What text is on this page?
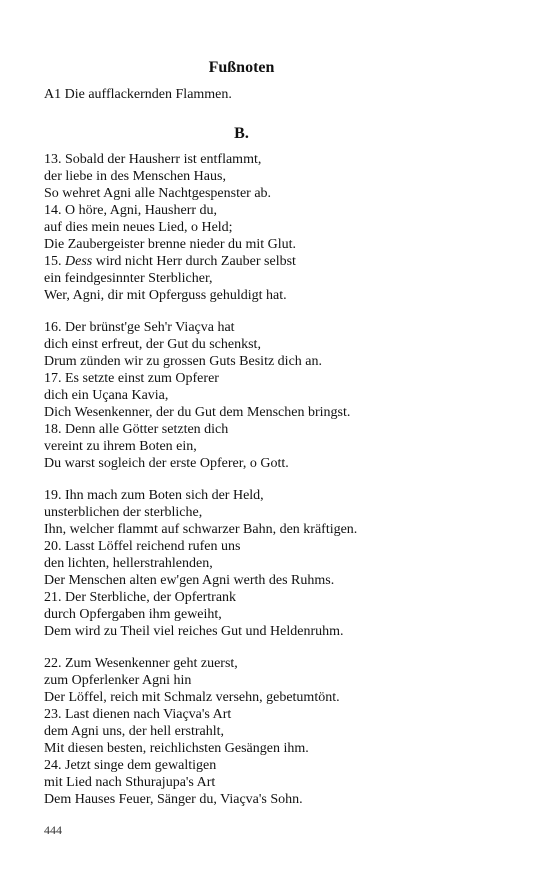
Fußnoten
A1 Die aufflackernden Flammen.
B.
13. Sobald der Hausherr ist entflammt,
der liebe in des Menschen Haus,
So wehret Agni alle Nachtgespenster ab.
14. O höre, Agni, Hausherr du,
auf dies mein neues Lied, o Held;
Die Zaubergeister brenne nieder du mit Glut.
15. Dess wird nicht Herr durch Zauber selbst
ein feindgesinnter Sterblicher,
Wer, Agni, dir mit Opferguss gehuldigt hat.
16. Der brünst'ge Seh'r Viaçva hat
dich einst erfreut, der Gut du schenkst,
Drum zünden wir zu grossen Guts Besitz dich an.
17. Es setzte einst zum Opferer
dich ein Uçana Kavia,
Dich Wesenkenner, der du Gut dem Menschen bringst.
18. Denn alle Götter setzten dich
vereint zu ihrem Boten ein,
Du warst sogleich der erste Opferer, o Gott.
19. Ihn mach zum Boten sich der Held,
unsterblichen der sterbliche,
Ihn, welcher flammt auf schwarzer Bahn, den kräftigen.
20. Lasst Löffel reichend rufen uns
den lichten, hellerstrahlenden,
Der Menschen alten ew'gen Agni werth des Ruhms.
21. Der Sterbliche, der Opfertrank
durch Opfergaben ihm geweiht,
Dem wird zu Theil viel reiches Gut und Heldenruhm.
22. Zum Wesenkenner geht zuerst,
zum Opferlenker Agni hin
Der Löffel, reich mit Schmalz versehn, gebetumtönt.
23. Last dienen nach Viaçva's Art
dem Agni uns, der hell erstrahlt,
Mit diesen besten, reichlichsten Gesängen ihm.
24. Jetzt singe dem gewaltigen
mit Lied nach Sthurajupa's Art
Dem Hauses Feuer, Sänger du, Viaçva's Sohn.
444
